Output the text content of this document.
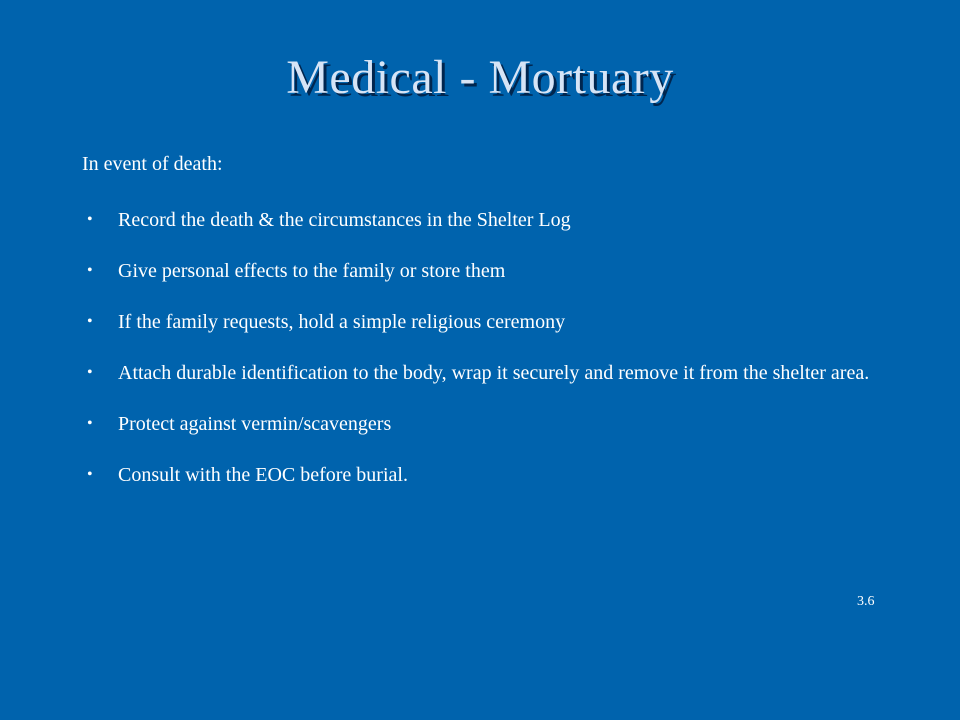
Medical - Mortuary
In event of death:
• Record the death & the circumstances in the Shelter Log
• Give personal effects to the family or store them
• If the family requests, hold a simple religious ceremony
• Attach durable identification to the body, wrap it securely and remove it from the shelter area.
• Protect against vermin/scavengers
• Consult with the EOC before burial.
3.6
